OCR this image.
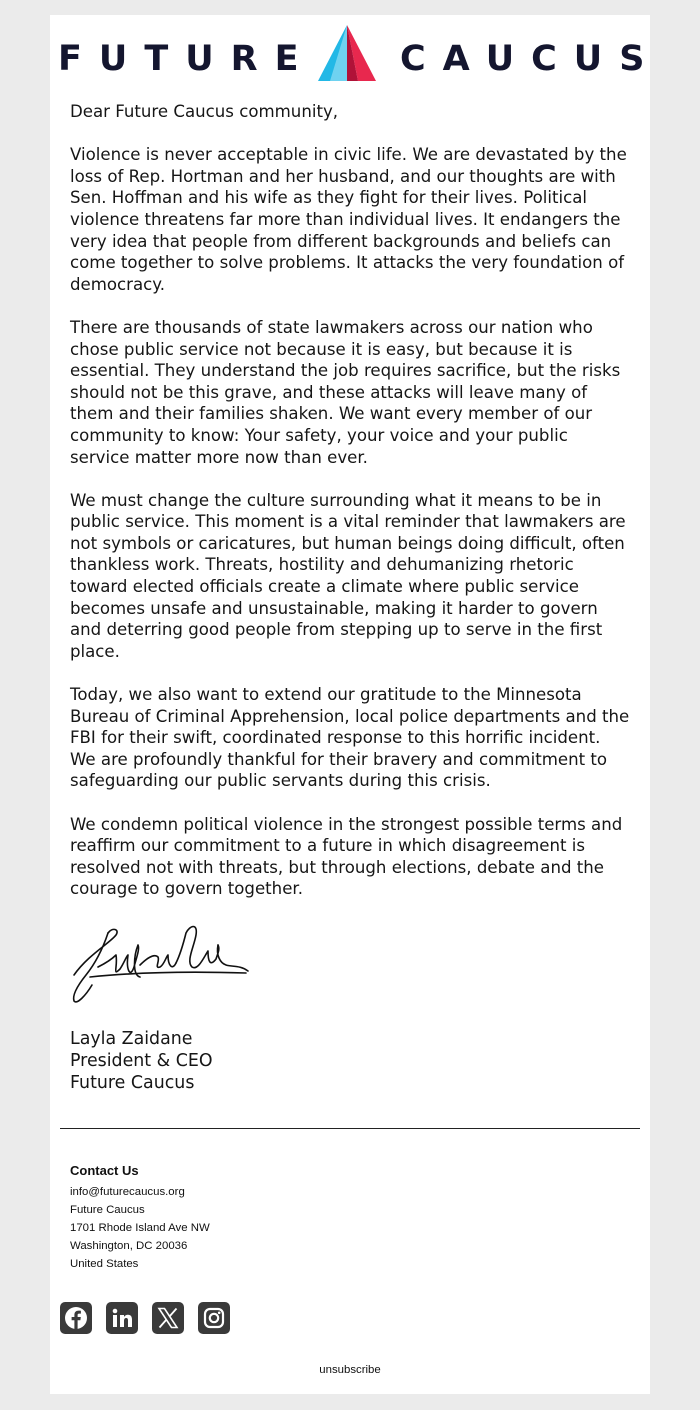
FUTURE CAUCUS

Dear Future Caucus community,

Violence is never acceptable in civic life. We are devastated by the loss of Rep. Hortman and her husband, and our thoughts are with Sen. Hoffman and his wife as they fight for their lives. Political violence threatens far more than individual lives. It endangers the very idea that people from different backgrounds and beliefs can come together to solve problems. It attacks the very foundation of democracy.

There are thousands of state lawmakers across our nation who chose public service not because it is easy, but because it is essential. They understand the job requires sacrifice, but the risks should not be this grave, and these attacks will leave many of them and their families shaken. We want every member of our community to know: Your safety, your voice and your public service matter more now than ever.

We must change the culture surrounding what it means to be in public service. This moment is a vital reminder that lawmakers are not symbols or caricatures, but human beings doing difficult, often thankless work. Threats, hostility and dehumanizing rhetoric toward elected officials create a climate where public service becomes unsafe and unsustainable, making it harder to govern and deterring good people from stepping up to serve in the first place.

Today, we also want to extend our gratitude to the Minnesota Bureau of Criminal Apprehension, local police departments and the FBI for their swift, coordinated response to this horrific incident. We are profoundly thankful for their bravery and commitment to safeguarding our public servants during this crisis.

We condemn political violence in the strongest possible terms and reaffirm our commitment to a future in which disagreement is resolved not with threats, but through elections, debate and the courage to govern together.

Layla Zaidane
President & CEO
Future Caucus
Contact Us
info@futurecaucus.org
Future Caucus
1701 Rhode Island Ave NW
Washington, DC 20036
United States
unsubscribe
